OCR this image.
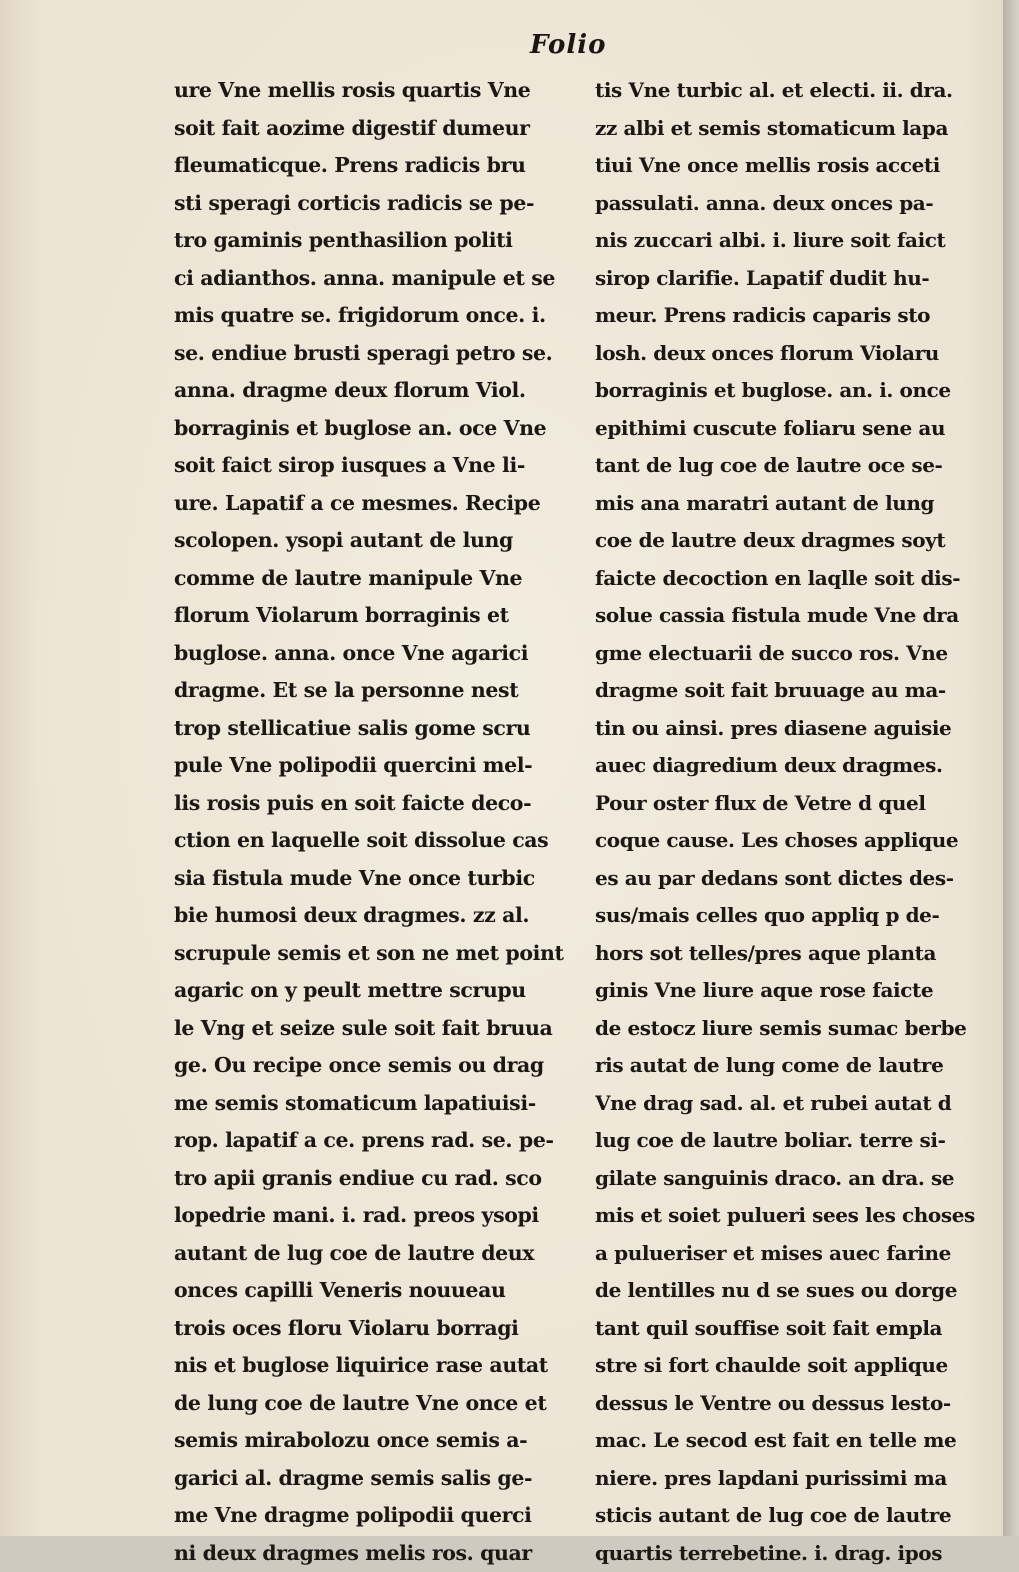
Folio
ure Vne mellis rosis quartis Vne
soit fait aozime digestif dumeur
fleumaticque. Prens radicis bru
sti speragi corticis radicis se pe-
tro gaminis penthasilion politi
ci adianthos. anna. manipule et se
mis quatre se. frigidorum once. i.
se. endiue brusti speragi petro se.
anna. dragme deux florum Viol.
borraginis et buglose an. oce Vne
soit faict sirop iusques a Vne li-
ure. Lapatif a ce mesmes. Recipe
scolopen. ysopi autant de lung
comme de lautre manipule Vne
florum Violarum borraginis et
buglose. anna. once Vne agarici
dragme. Et se la personne nest
trop stellicatiue salis gome scru
pule Vne polipodii quercini mel-
lis rosis puis en soit faicte deco-
ction en laquelle soit dissolue cas
sia fistula mude Vne once turbic
bie humosi deux dragmes. zz al.
scrupule semis et son ne met point
agaric on y peult mettre scrupu
le Vng et seize sule soit fait bruua
ge. Ou recipe once semis ou drag
me semis stomaticum lapatiuisi-
rop. lapatif a ce. prens rad. se. pe-
tro apii granis endiue cu rad. sco
lopedrie mani. i. rad. preos ysopi
autant de lug coe de lautre deux
onces capilli Veneris nouueau
trois oces floru Violaru borragi
nis et buglose liquirice rase autat
de lung coe de lautre Vne once et
semis mirabolozu once semis a-
garici al. dragme semis salis ge-
me Vne dragme polipodii querci
ni deux dragmes melis ros. quar
tis Vne turbic al. et electi. ii. dra.
zz albi et semis stomaticum lapa
tiui Vne once mellis rosis acceti
passulati. anna. deux onces pa-
nis zuccari albi. i. liure soit faict
sirop clarifie. Lapatif dudit hu-
meur. Prens radicis caparis sto
losh. deux onces florum Violaru
borraginis et buglose. an. i. once
epithimi cuscute foliaru sene au
tant de lug coe de lautre oce se-
mis ana maratri autant de lung
coe de lautre deux dragmes soyt
faicte decoction en laqlle soit dis-
solue cassia fistula mude Vne dra
gme electuarii de succo ros. Vne
dragme soit fait bruuage au ma-
tin ou ainsi. pres diasene aguisie
auec diagredium deux dragmes.
Pour oster flux de Vetre d quel
coque cause. Les choses applique
es au par dedans sont dictes des-
sus/mais celles quo appliq p de-
hors sot telles/pres aque planta
ginis Vne liure aque rose faicte
de estocz liure semis sumac berbe
ris autat de lung come de lautre
Vne drag sad. al. et rubei autat d
lug coe de lautre boliar. terre si-
gilate sanguinis draco. an dra. se
mis et soiet pulueri sees les choses
a pulueriser et mises auec farine
de lentilles nu d se sues ou dorge
tant quil souffise soit fait empla
stre si fort chaulde soit applique
dessus le Ventre ou dessus lesto-
mac. Le secod est fait en telle me
niere. pres lapdani purissimi ma
sticis autant de lug coe de lautre
quartis terrebetine. i. drag. ipos
